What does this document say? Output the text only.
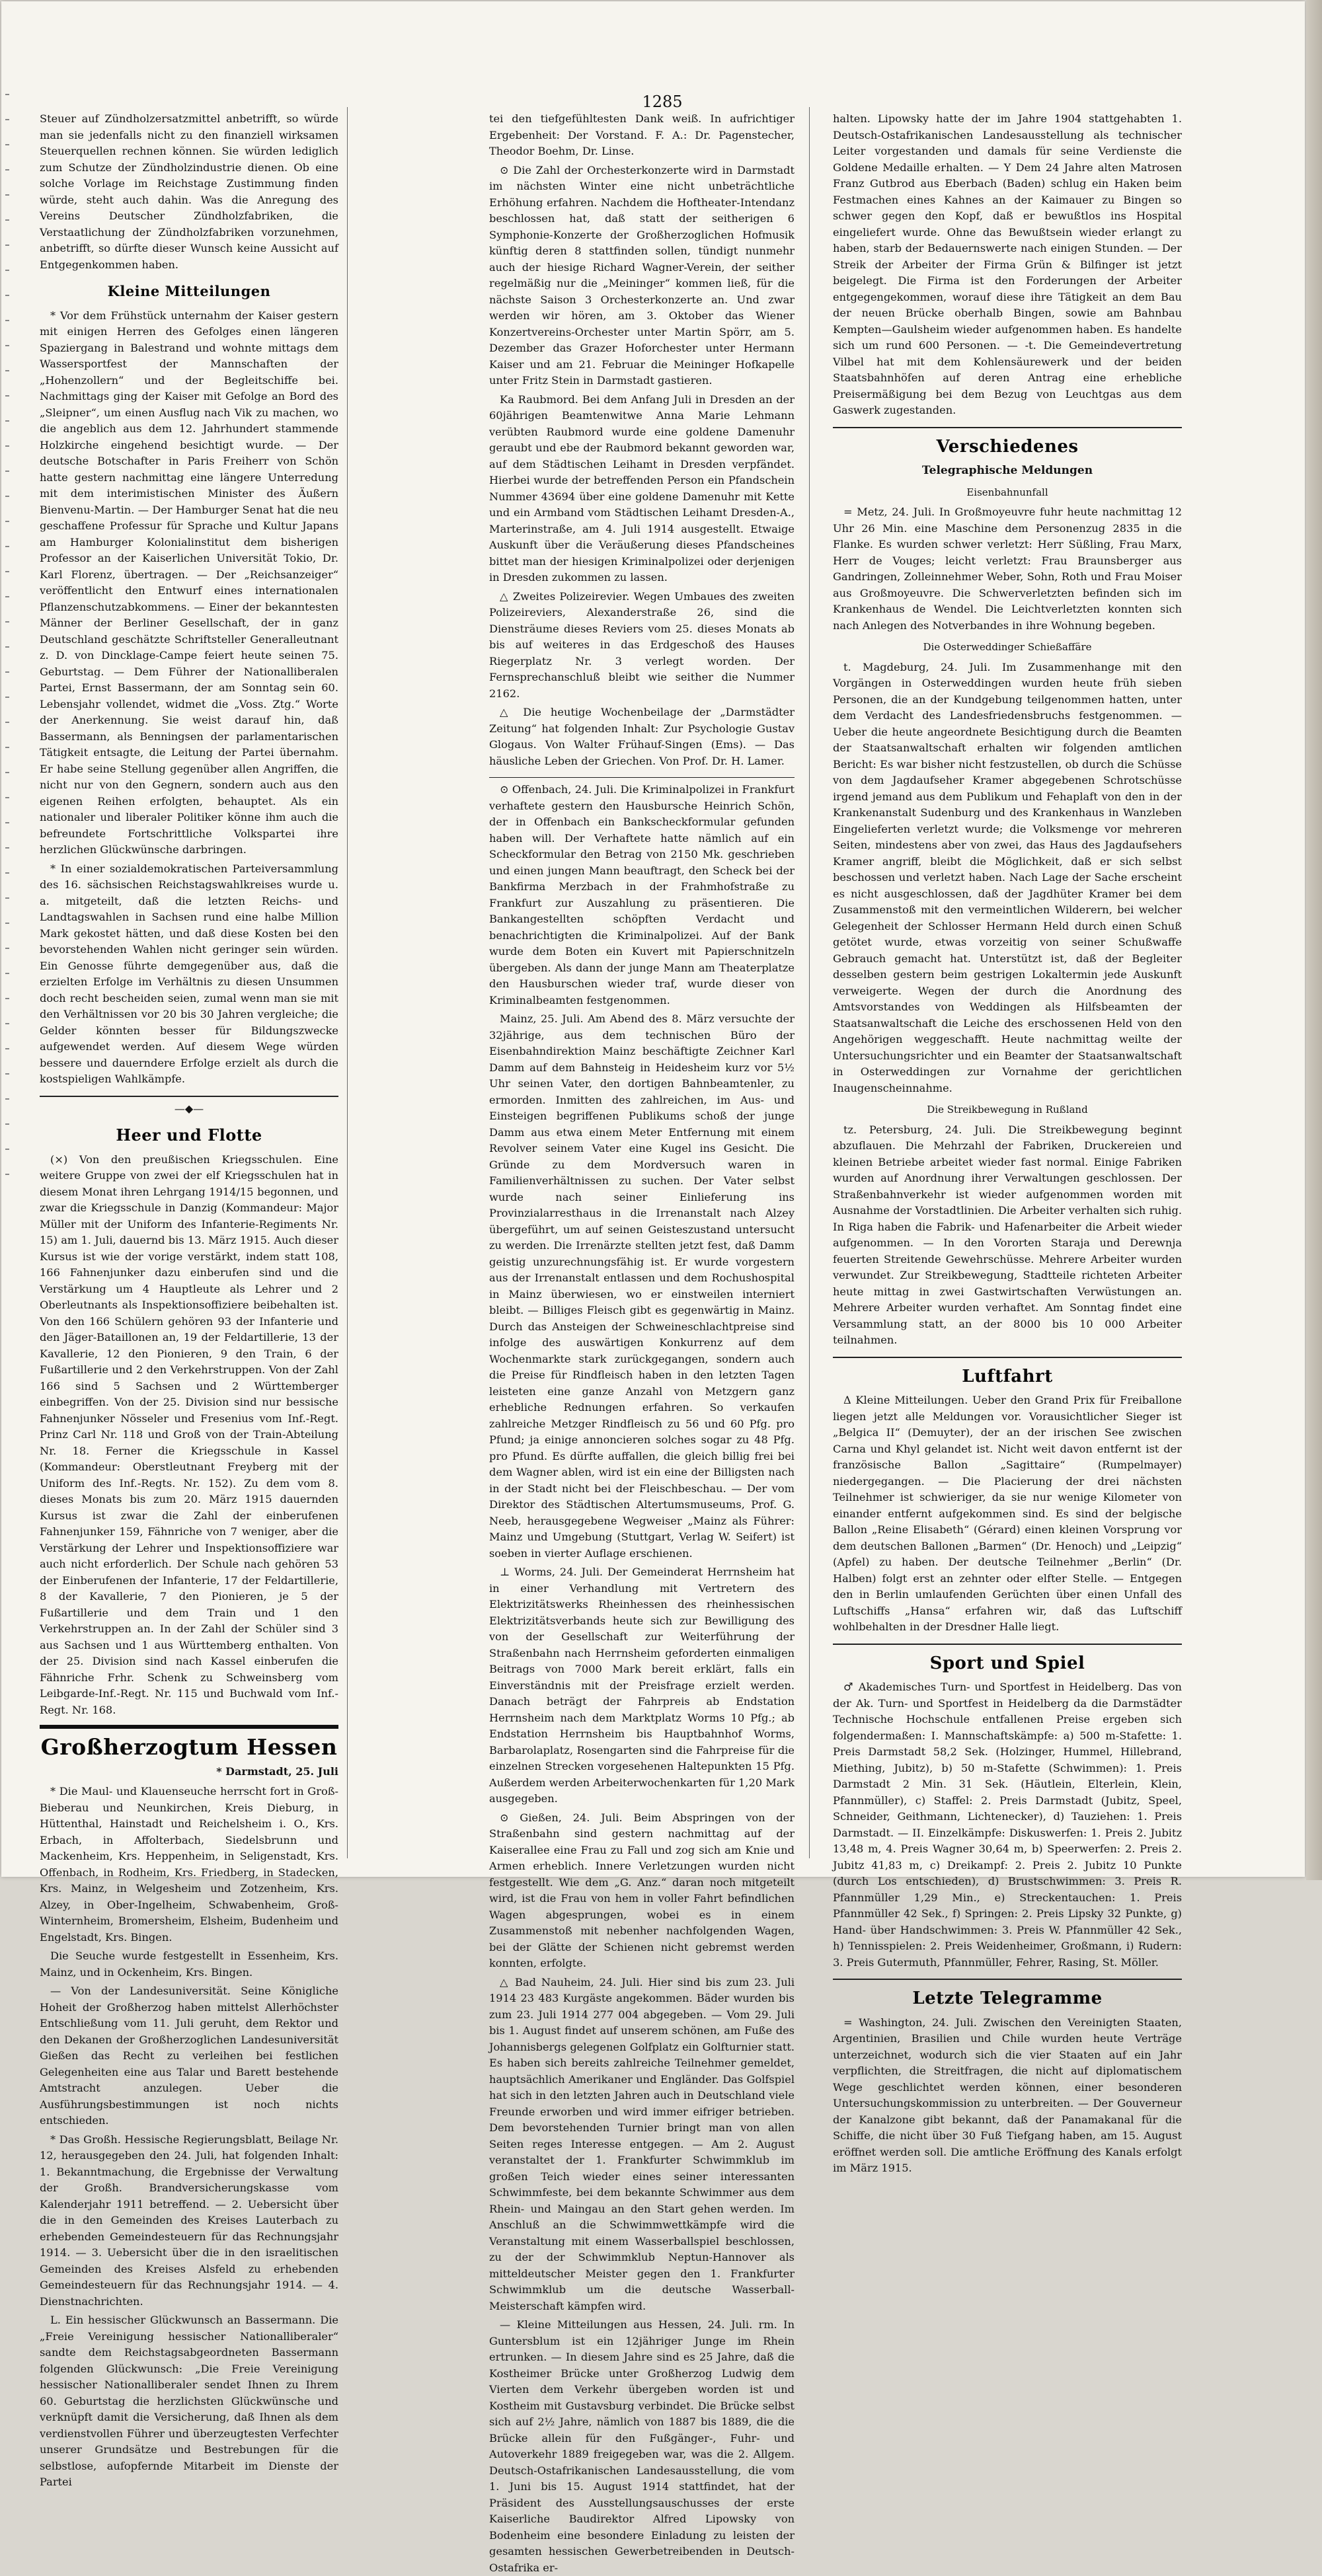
1285

Steuer auf Zündholzersatzmittel anbetrifft, so würde man sie jedenfalls nicht zu den finanziell wirksamen Steuerquellen rechnen können. Sie würden lediglich zum Schutze der Zündholzindustrie dienen. Ob eine solche Vorlage im Reichstage Zustimmung finden würde, steht auch dahin. Was die Anregung des Vereins Deutscher Zündholzfabriken, die Verstaatlichung der Zündholzfabriken vorzunehmen, anbetrifft, so dürfte dieser Wunsch keine Aussicht auf Entgegenkommen haben.

Kleine Mitteilungen

* Vor dem Frühstück unternahm der Kaiser gestern mit einigen Herren des Gefolges einen längeren Spaziergang in Balestrand und wohnte mittags dem Wassersportfest der Mannschaften der „Hohenzollern“ und der Begleitschiffe bei. Nachmittags ging der Kaiser mit Gefolge an Bord des „Sleipner“, um einen Ausflug nach Vik zu machen, wo die angeblich aus dem 12. Jahrhundert stammende Holzkirche eingehend besichtigt wurde. — Der deutsche Botschafter in Paris Freiherr von Schön hatte gestern nachmittag eine längere Unterredung mit dem interimistischen Minister des Äußern Bienvenu-Martin. — Der Hamburger Senat hat die neu geschaffene Professur für Sprache und Kultur Japans am Hamburger Kolonialinstitut dem bisherigen Professor an der Kaiserlichen Universität Tokio, Dr. Karl Florenz, übertragen. — Der „Reichsanzeiger“ veröffentlicht den Entwurf eines internationalen Pflanzenschutzabkommens. — Einer der bekanntesten Männer der Berliner Gesellschaft, der in ganz Deutschland geschätzte Schriftsteller Generalleutnant z. D. von Dincklage-Campe feiert heute seinen 75. Geburtstag. — Dem Führer der Nationalliberalen Partei, Ernst Bassermann, der am Sonntag sein 60. Lebensjahr vollendet, widmet die „Voss. Ztg.“ Worte der Anerkennung. Sie weist darauf hin, daß Bassermann, als Benningsen der parlamentarischen Tätigkeit entsagte, die Leitung der Partei übernahm. Er habe seine Stellung gegenüber allen Angriffen, die nicht nur von den Gegnern, sondern auch aus den eigenen Reihen erfolgten, behauptet. Als ein nationaler und liberaler Politiker könne ihm auch die befreundete Fortschrittliche Volkspartei ihre herzlichen Glückwünsche darbringen.

* In einer sozialdemokratischen Parteiversammlung des 16. sächsischen Reichstagswahlkreises wurde u. a. mitgeteilt, daß die letzten Reichs- und Landtagswahlen in Sachsen rund eine halbe Million Mark gekostet hätten, und daß diese Kosten bei den bevorstehenden Wahlen nicht geringer sein würden. Ein Genosse führte demgegenüber aus, daß die erzielten Erfolge im Verhältnis zu diesen Unsummen doch recht bescheiden seien, zumal wenn man sie mit den Verhältnissen vor 20 bis 30 Jahren vergleiche; die Gelder könnten besser für Bildungszwecke aufgewendet werden. Auf diesem Wege würden bessere und dauerndere Erfolge erzielt als durch die kostspieligen Wahlkämpfe.

—◆—
Heer und Flotte

(×) Von den preußischen Kriegsschulen. Eine weitere Gruppe von zwei der elf Kriegsschulen hat in diesem Monat ihren Lehrgang 1914/15 begonnen, und zwar die Kriegsschule in Danzig (Kommandeur: Major Müller mit der Uniform des Infanterie-Regiments Nr. 15) am 1. Juli, dauernd bis 13. März 1915. Auch dieser Kursus ist wie der vorige verstärkt, indem statt 108, 166 Fahnenjunker dazu einberufen sind und die Verstärkung um 4 Hauptleute als Lehrer und 2 Oberleutnants als Inspektionsoffiziere beibehalten ist. Von den 166 Schülern gehören 93 der Infanterie und den Jäger-Bataillonen an, 19 der Feldartillerie, 13 der Kavallerie, 12 den Pionieren, 9 den Train, 6 der Fußartillerie und 2 den Verkehrstruppen. Von der Zahl 166 sind 5 Sachsen und 2 Württemberger einbegriffen. Von der 25. Division sind nur bessische Fahnenjunker Nösseler und Fresenius vom Inf.-Regt. Prinz Carl Nr. 118 und Groß von der Train-Abteilung Nr. 18. Ferner die Kriegsschule in Kassel (Kommandeur: Oberstleutnant Freyberg mit der Uniform des Inf.-Regts. Nr. 152). Zu dem vom 8. dieses Monats bis zum 20. März 1915 dauernden Kursus ist zwar die Zahl der einberufenen Fahnenjunker 159, Fähnriche von 7 weniger, aber die Verstärkung der Lehrer und Inspektionsoffiziere war auch nicht erforderlich. Der Schule nach gehören 53 der Einberufenen der Infanterie, 17 der Feldartillerie, 8 der Kavallerie, 7 den Pionieren, je 5 der Fußartillerie und dem Train und 1 den Verkehrstruppen an. In der Zahl der Schüler sind 3 aus Sachsen und 1 aus Württemberg enthalten. Von der 25. Division sind nach Kassel einberufen die Fähnriche Frhr. Schenk zu Schweinsberg vom Leibgarde-Inf.-Regt. Nr. 115 und Buchwald vom Inf.-Regt. Nr. 168.

Großherzogtum Hessen
* Darmstadt, 25. Juli

* Die Maul- und Klauenseuche herrscht fort in Groß-Bieberau und Neunkirchen, Kreis Dieburg, in Hüttenthal, Hainstadt und Reichelsheim i. O., Krs. Erbach, in Affolterbach, Siedelsbrunn und Mackenheim, Krs. Heppenheim, in Seligenstadt, Krs. Offenbach, in Rodheim, Krs. Friedberg, in Stadecken, Krs. Mainz, in Welgesheim und Zotzenheim, Krs. Alzey, in Ober-Ingelheim, Schwabenheim, Groß-Winternheim, Bromersheim, Elsheim, Budenheim und Engelstadt, Krs. Bingen.

Die Seuche wurde festgestellt in Essenheim, Krs. Mainz, und in Ockenheim, Krs. Bingen.

— Von der Landesuniversität. Seine Königliche Hoheit der Großherzog haben mittelst Allerhöchster Entschließung vom 11. Juli geruht, dem Rektor und den Dekanen der Großherzoglichen Landesuniversität Gießen das Recht zu verleihen bei festlichen Gelegenheiten eine aus Talar und Barett bestehende Amtstracht anzulegen. Ueber die Ausführungsbestimmungen ist noch nichts entschieden.

* Das Großh. Hessische Regierungsblatt, Beilage Nr. 12, herausgegeben den 24. Juli, hat folgenden Inhalt: 1. Bekanntmachung, die Ergebnisse der Verwaltung der Großh. Brandversicherungskasse vom Kalenderjahr 1911 betreffend. — 2. Uebersicht über die in den Gemeinden des Kreises Lauterbach zu erhebenden Gemeindesteuern für das Rechnungsjahr 1914. — 3. Uebersicht über die in den israelitischen Gemeinden des Kreises Alsfeld zu erhebenden Gemeindesteuern für das Rechnungsjahr 1914. — 4. Dienstnachrichten.

L. Ein hessischer Glückwunsch an Bassermann. Die „Freie Vereinigung hessischer Nationalliberaler“ sandte dem Reichstagsabgeordneten Bassermann folgenden Glückwunsch: „Die Freie Vereinigung hessischer Nationalliberaler sendet Ihnen zu Ihrem 60. Geburtstag die herzlichsten Glückwünsche und verknüpft damit die Versicherung, daß Ihnen als dem verdienstvollen Führer und überzeugtesten Verfechter unserer Grundsätze und Bestrebungen für die selbstlose, aufopfernde Mitarbeit im Dienste der Partei

tei den tiefgefühltesten Dank weiß. In aufrichtiger Ergebenheit: Der Vorstand. F. A.: Dr. Pagenstecher, Theodor Boehm, Dr. Linse.

⊙ Die Zahl der Orchesterkonzerte wird in Darmstadt im nächsten Winter eine nicht unbeträchtliche Erhöhung erfahren. Nachdem die Hoftheater-Intendanz beschlossen hat, daß statt der seitherigen 6 Symphonie-Konzerte der Großherzoglichen Hofmusik künftig deren 8 stattfinden sollen, tündigt nunmehr auch der hiesige Richard Wagner-Verein, der seither regelmäßig nur die „Meininger“ kommen ließ, für die nächste Saison 3 Orchesterkonzerte an. Und zwar werden wir hören, am 3. Oktober das Wiener Konzertvereins-Orchester unter Martin Spörr, am 5. Dezember das Grazer Hoforchester unter Hermann Kaiser und am 21. Februar die Meininger Hofkapelle unter Fritz Stein in Darmstadt gastieren.

Ka Raubmord. Bei dem Anfang Juli in Dresden an der 60jährigen Beamtenwitwe Anna Marie Lehmann verübten Raubmord wurde eine goldene Damenuhr geraubt und ebe der Raubmord bekannt geworden war, auf dem Städtischen Leihamt in Dresden verpfändet. Hierbei wurde der betreffenden Person ein Pfandschein Nummer 43694 über eine goldene Damenuhr mit Kette und ein Armband vom Städtischen Leihamt Dresden-A., Marterinstraße, am 4. Juli 1914 ausgestellt. Etwaige Auskunft über die Veräußerung dieses Pfandscheines bittet man der hiesigen Kriminalpolizei oder derjenigen in Dresden zukommen zu lassen.

△ Zweites Polizeirevier. Wegen Umbaues des zweiten Polizeireviers, Alexanderstraße 26, sind die Diensträume dieses Reviers vom 25. dieses Monats ab bis auf weiteres in das Erdgeschoß des Hauses Riegerplatz Nr. 3 verlegt worden. Der Fernsprechanschluß bleibt wie seither die Nummer 2162.

△ Die heutige Wochenbeilage der „Darmstädter Zeitung“ hat folgenden Inhalt: Zur Psychologie Gustav Glogaus. Von Walter Frühauf-Singen (Ems). — Das häusliche Leben der Griechen. Von Prof. Dr. H. Lamer.

⊙ Offenbach, 24. Juli. Die Kriminalpolizei in Frankfurt verhaftete gestern den Hausbursche Heinrich Schön, der in Offenbach ein Bankscheckformular gefunden haben will. Der Verhaftete hatte nämlich auf ein Scheckformular den Betrag von 2150 Mk. geschrieben und einen jungen Mann beauftragt, den Scheck bei der Bankfirma Merzbach in der Frahmhofstraße zu Frankfurt zur Auszahlung zu präsentieren. Die Bankangestellten schöpften Verdacht und benachrichtigten die Kriminalpolizei. Auf der Bank wurde dem Boten ein Kuvert mit Papierschnitzeln übergeben. Als dann der junge Mann am Theaterplatze den Hausburschen wieder traf, wurde dieser von Kriminalbeamten festgenommen.

Mainz, 25. Juli. Am Abend des 8. März versuchte der 32jährige, aus dem technischen Büro der Eisenbahndirektion Mainz beschäftigte Zeichner Karl Damm auf dem Bahnsteig in Heidesheim kurz vor 5½ Uhr seinen Vater, den dortigen Bahnbeamtenler, zu ermorden. Inmitten des zahlreichen, im Aus- und Einsteigen begriffenen Publikums schoß der junge Damm aus etwa einem Meter Entfernung mit einem Revolver seinem Vater eine Kugel ins Gesicht. Die Gründe zu dem Mordversuch waren in Familienverhältnissen zu suchen. Der Vater selbst wurde nach seiner Einlieferung ins Provinzialarresthaus in die Irrenanstalt nach Alzey übergeführt, um auf seinen Geisteszustand untersucht zu werden. Die Irrenärzte stellten jetzt fest, daß Damm geistig unzurechnungsfähig ist. Er wurde vorgestern aus der Irrenanstalt entlassen und dem Rochushospital in Mainz überwiesen, wo er einstweilen interniert bleibt. — Billiges Fleisch gibt es gegenwärtig in Mainz. Durch das Ansteigen der Schweineschlachtpreise sind infolge des auswärtigen Konkurrenz auf dem Wochenmarkte stark zurückgegangen, sondern auch die Preise für Rindfleisch haben in den letzten Tagen leisteten eine ganze Anzahl von Metzgern ganz erhebliche Rednungen erfahren. So verkaufen zahlreiche Metzger Rindfleisch zu 56 und 60 Pfg. pro Pfund; ja einige annoncieren solches sogar zu 48 Pfg. pro Pfund. Es dürfte auffallen, die gleich billig frei bei dem Wagner ablen, wird ist ein eine der Billigsten nach in der Stadt nicht bei der Fleischbeschau. — Der vom Direktor des Städtischen Altertumsmuseums, Prof. G. Neeb, herausgegebene Wegweiser „Mainz als Führer: Mainz und Umgebung (Stuttgart, Verlag W. Seifert) ist soeben in vierter Auflage erschienen.

⊥ Worms, 24. Juli. Der Gemeinderat Herrnsheim hat in einer Verhandlung mit Vertretern des Elektrizitätswerks Rheinhessen des rheinhessischen Elektrizitätsverbands heute sich zur Bewilligung des von der Gesellschaft zur Weiterführung der Straßenbahn nach Herrnsheim geforderten einmaligen Beitrags von 7000 Mark bereit erklärt, falls ein Einverständnis mit der Preisfrage erzielt werden. Danach beträgt der Fahrpreis ab Endstation Herrnsheim nach dem Marktplatz Worms 10 Pfg.; ab Endstation Herrnsheim bis Hauptbahnhof Worms, Barbarolaplatz, Rosengarten sind die Fahrpreise für die einzelnen Strecken vorgesehenen Haltepunkten 15 Pfg. Außerdem werden Arbeiterwochenkarten für 1,20 Mark ausgegeben.

⊙ Gießen, 24. Juli. Beim Abspringen von der Straßenbahn sind gestern nachmittag auf der Kaiserallee eine Frau zu Fall und zog sich am Knie und Armen erheblich. Innere Verletzungen wurden nicht festgestellt. Wie dem „G. Anz.“ daran noch mitgeteilt wird, ist die Frau von hem in voller Fahrt befindlichen Wagen abgesprungen, wobei es in einem Zusammenstoß mit nebenher nachfolgenden Wagen, bei der Glätte der Schienen nicht gebremst werden konnten, erfolgte.

△ Bad Nauheim, 24. Juli. Hier sind bis zum 23. Juli 1914 23 483 Kurgäste angekommen. Bäder wurden bis zum 23. Juli 1914 277 004 abgegeben. — Vom 29. Juli bis 1. August findet auf unserem schönen, am Fuße des Johannisbergs gelegenen Golfplatz ein Golfturnier statt. Es haben sich bereits zahlreiche Teilnehmer gemeldet, hauptsächlich Amerikaner und Engländer. Das Golfspiel hat sich in den letzten Jahren auch in Deutschland viele Freunde erworben und wird immer eifriger betrieben. Dem bevorstehenden Turnier bringt man von allen Seiten reges Interesse entgegen. — Am 2. August veranstaltet der 1. Frankfurter Schwimmklub im großen Teich wieder eines seiner interessanten Schwimmfeste, bei dem bekannte Schwimmer aus dem Rhein- und Maingau an den Start gehen werden. Im Anschluß an die Schwimmwettkämpfe wird die Veranstaltung mit einem Wasserballspiel beschlossen, zu der der Schwimmklub Neptun-Hannover als mitteldeutscher Meister gegen den 1. Frankfurter Schwimmklub um die deutsche Wasserball-Meisterschaft kämpfen wird.

— Kleine Mitteilungen aus Hessen, 24. Juli. rm. In Guntersblum ist ein 12jähriger Junge im Rhein ertrunken. — In diesem Jahre sind es 25 Jahre, daß die Kostheimer Brücke unter Großherzog Ludwig dem Vierten dem Verkehr übergeben worden ist und Kostheim mit Gustavsburg verbindet. Die Brücke selbst sich auf 2½ Jahre, nämlich von 1887 bis 1889, die die Brücke allein für den Fußgänger-, Fuhr- und Autoverkehr 1889 freigegeben war, was die 2. Allgem. Deutsch-Ostafrikanischen Landesausstellung, die vom 1. Juni bis 15. August 1914 stattfindet, hat der Präsident des Ausstellungsauschusses der erste Kaiserliche Baudirektor Alfred Lipowsky von Bodenheim eine besondere Einladung zu leisten der gesamten hessischen Gewerbetreibenden in Deutsch-Ostafrika er-

halten. Lipowsky hatte der im Jahre 1904 stattgehabten 1. Deutsch-Ostafrikanischen Landesausstellung als technischer Leiter vorgestanden und damals für seine Verdienste die Goldene Medaille erhalten. — Y Dem 24 Jahre alten Matrosen Franz Gutbrod aus Eberbach (Baden) schlug ein Haken beim Festmachen eines Kahnes an der Kaimauer zu Bingen so schwer gegen den Kopf, daß er bewußtlos ins Hospital eingeliefert wurde. Ohne das Bewußtsein wieder erlangt zu haben, starb der Bedauernswerte nach einigen Stunden. — Der Streik der Arbeiter der Firma Grün & Bilfinger ist jetzt beigelegt. Die Firma ist den Forderungen der Arbeiter entgegengekommen, worauf diese ihre Tätigkeit an dem Bau der neuen Brücke oberhalb Bingen, sowie am Bahnbau Kempten—Gaulsheim wieder aufgenommen haben. Es handelte sich um rund 600 Personen. — -t. Die Gemeindevertretung Vilbel hat mit dem Kohlensäurewerk und der beiden Staatsbahnhöfen auf deren Antrag eine erhebliche Preisermäßigung bei dem Bezug von Leuchtgas aus dem Gaswerk zugestanden.

Verschiedenes
Telegraphische Meldungen
Eisenbahnunfall

= Metz, 24. Juli. In Großmoyeuvre fuhr heute nachmittag 12 Uhr 26 Min. eine Maschine dem Personenzug 2835 in die Flanke. Es wurden schwer verletzt: Herr Süßling, Frau Marx, Herr de Vouges; leicht verletzt: Frau Braunsberger aus Gandringen, Zolleinnehmer Weber, Sohn, Roth und Frau Moiser aus Großmoyeuvre. Die Schwerverletzten befinden sich im Krankenhaus de Wendel. Die Leichtverletzten konnten sich nach Anlegen des Notverbandes in ihre Wohnung begeben.

Die Osterweddinger Schießaffäre

t. Magdeburg, 24. Juli. Im Zusammenhange mit den Vorgängen in Osterweddingen wurden heute früh sieben Personen, die an der Kundgebung teilgenommen hatten, unter dem Verdacht des Landesfriedensbruchs festgenommen. — Ueber die heute angeordnete Besichtigung durch die Beamten der Staatsanwaltschaft erhalten wir folgenden amtlichen Bericht: Es war bisher nicht festzustellen, ob durch die Schüsse von dem Jagdaufseher Kramer abgegebenen Schrotschüsse irgend jemand aus dem Publikum und Fehaplaft von den in der Krankenanstalt Sudenburg und des Krankenhaus in Wanzleben Eingelieferten verletzt wurde; die Volksmenge vor mehreren Seiten, mindestens aber von zwei, das Haus des Jagdaufsehers Kramer angriff, bleibt die Möglichkeit, daß er sich selbst beschossen und verletzt haben. Nach Lage der Sache erscheint es nicht ausgeschlossen, daß der Jagdhüter Kramer bei dem Zusammenstoß mit den vermeintlichen Wilderern, bei welcher Gelegenheit der Schlosser Hermann Held durch einen Schuß getötet wurde, etwas vorzeitig von seiner Schußwaffe Gebrauch gemacht hat. Unterstützt ist, daß der Begleiter desselben gestern beim gestrigen Lokaltermin jede Auskunft verweigerte. Wegen der durch die Anordnung des Amtsvorstandes von Weddingen als Hilfsbeamten der Staatsanwaltschaft die Leiche des erschossenen Held von den Angehörigen weggeschafft. Heute nachmittag weilte der Untersuchungsrichter und ein Beamter der Staatsanwaltschaft in Osterweddingen zur Vornahme der gerichtlichen Inaugenscheinnahme.

Die Streikbewegung in Rußland

tz. Petersburg, 24. Juli. Die Streikbewegung beginnt abzuflauen. Die Mehrzahl der Fabriken, Druckereien und kleinen Betriebe arbeitet wieder fast normal. Einige Fabriken wurden auf Anordnung ihrer Verwaltungen geschlossen. Der Straßenbahnverkehr ist wieder aufgenommen worden mit Ausnahme der Vorstadtlinien. Die Arbeiter verhalten sich ruhig. In Riga haben die Fabrik- und Hafenarbeiter die Arbeit wieder aufgenommen. — In den Vororten Staraja und Derewnja feuerten Streitende Gewehrschüsse. Mehrere Arbeiter wurden verwundet. Zur Streikbewegung, Stadtteile richteten Arbeiter heute mittag in zwei Gastwirtschaften Verwüstungen an. Mehrere Arbeiter wurden verhaftet. Am Sonntag findet eine Versammlung statt, an der 8000 bis 10 000 Arbeiter teilnahmen.

Luftfahrt

Δ Kleine Mitteilungen. Ueber den Grand Prix für Freiballone liegen jetzt alle Meldungen vor. Vorausichtlicher Sieger ist „Belgica II“ (Demuyter), der an der irischen See zwischen Carna und Khyl gelandet ist. Nicht weit davon entfernt ist der französische Ballon „Sagittaire“ (Rumpelmayer) niedergegangen. — Die Placierung der drei nächsten Teilnehmer ist schwieriger, da sie nur wenige Kilometer von einander entfernt aufgekommen sind. Es sind der belgische Ballon „Reine Elisabeth“ (Gérard) einen kleinen Vorsprung vor dem deutschen Ballonen „Barmen“ (Dr. Henoch) und „Leipzig“ (Apfel) zu haben. Der deutsche Teilnehmer „Berlin“ (Dr. Halben) folgt erst an zehnter oder elfter Stelle. — Entgegen den in Berlin umlaufenden Gerüchten über einen Unfall des Luftschiffs „Hansa“ erfahren wir, daß das Luftschiff wohlbehalten in der Dresdner Halle liegt.

Sport und Spiel

♂ Akademisches Turn- und Sportfest in Heidelberg. Das von der Ak. Turn- und Sportfest in Heidelberg da die Darmstädter Technische Hochschule entfallenen Preise ergeben sich folgendermaßen: I. Mannschaftskämpfe: a) 500 m-Stafette: 1. Preis Darmstadt 58,2 Sek. (Holzinger, Hummel, Hillebrand, Miething, Jubitz), b) 50 m-Stafette (Schwimmen): 1. Preis Darmstadt 2 Min. 31 Sek. (Häutlein, Elterlein, Klein, Pfannmüller), c) Staffel: 2. Preis Darmstadt (Jubitz, Speel, Schneider, Geithmann, Lichtenecker), d) Tauziehen: 1. Preis Darmstadt. — II. Einzelkämpfe: Diskuswerfen: 1. Preis 2. Jubitz 13,48 m, 4. Preis Wagner 30,64 m, b) Speerwerfen: 2. Preis 2. Jubitz 41,83 m, c) Dreikampf: 2. Preis 2. Jubitz 10 Punkte (durch Los entschieden), d) Brustschwimmen: 3. Preis R. Pfannmüller 1,29 Min., e) Streckentauchen: 1. Preis Pfannmüller 42 Sek., f) Springen: 2. Preis Lipsky 32 Punkte, g) Hand- über Handschwimmen: 3. Preis W. Pfannmüller 42 Sek., h) Tennisspielen: 2. Preis Weidenheimer, Großmann, i) Rudern: 3. Preis Gutermuth, Pfannmüller, Fehrer, Rasing, St. Möller.

Letzte Telegramme

= Washington, 24. Juli. Zwischen den Vereinigten Staaten, Argentinien, Brasilien und Chile wurden heute Verträge unterzeichnet, wodurch sich die vier Staaten auf ein Jahr verpflichten, die Streitfragen, die nicht auf diplomatischem Wege geschlichtet werden können, einer besonderen Untersuchungskommission zu unterbreiten. — Der Gouverneur der Kanalzone gibt bekannt, daß der Panamakanal für die Schiffe, die nicht über 30 Fuß Tiefgang haben, am 15. August eröffnet werden soll. Die amtliche Eröffnung des Kanals erfolgt im März 1915.
